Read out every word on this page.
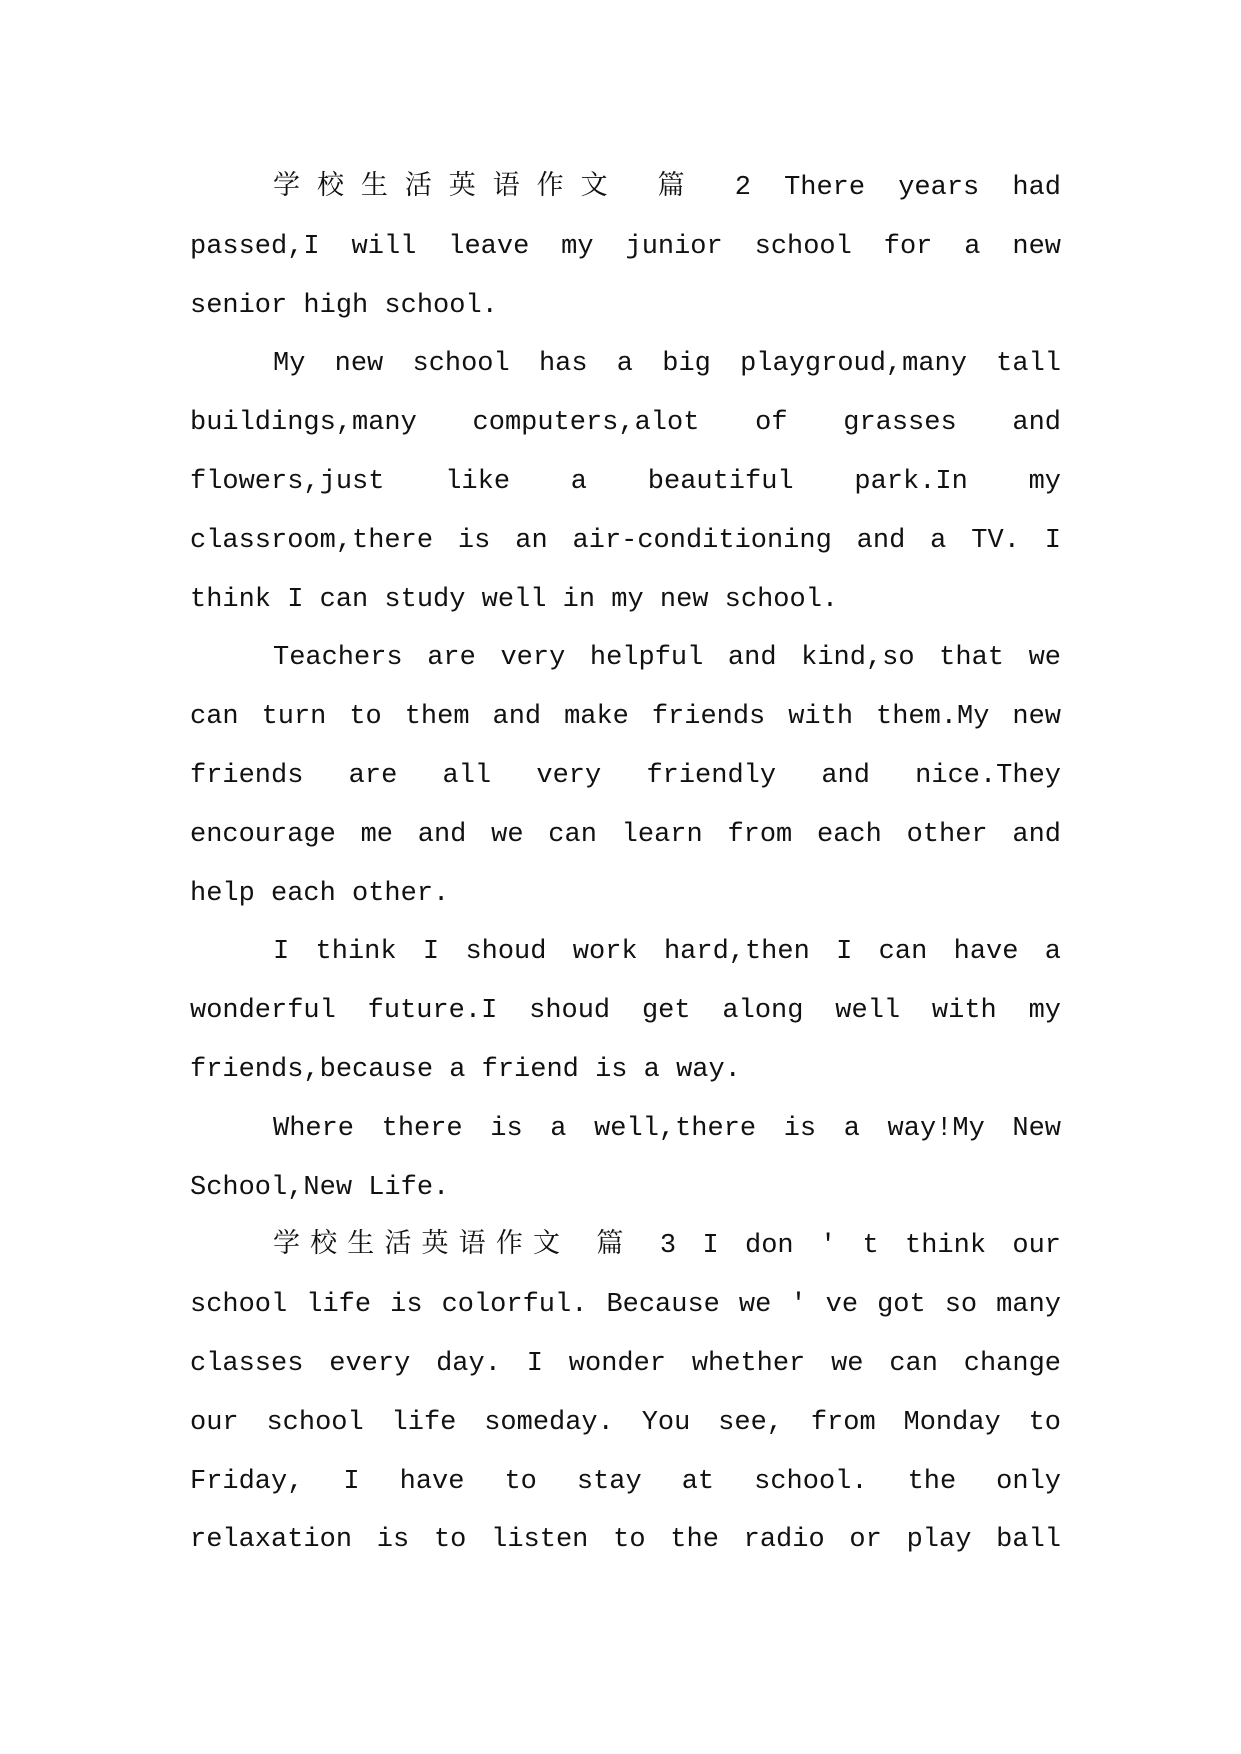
学校生活英语作文 篇 2 There years had
passed,I will leave my junior school for a new
senior high school.
My new school has a big playgroud,many tall
buildings,many computers,alot of grasses and
flowers,just like a beautiful park.In my
classroom,there is an air-conditioning and a TV. I
think I can study well in my new school.
Teachers are very helpful and kind,so that we
can turn to them and make friends with them.My new
friends are all very friendly and nice.They
encourage me and we can learn from each other and
help each other.
I think I shoud work hard,then I can have a
wonderful future.I shoud get along well with my
friends,because a friend is a way.
Where there is a well,there is a way!My New
School,New Life.
学校生活英语作文 篇 3 I don ' t think our
school life is colorful. Because we ' ve got so many
classes every day. I wonder whether we can change
our school life someday. You see, from Monday to
Friday, I have to stay at school. the only
relaxation is to listen to the radio or play ball
